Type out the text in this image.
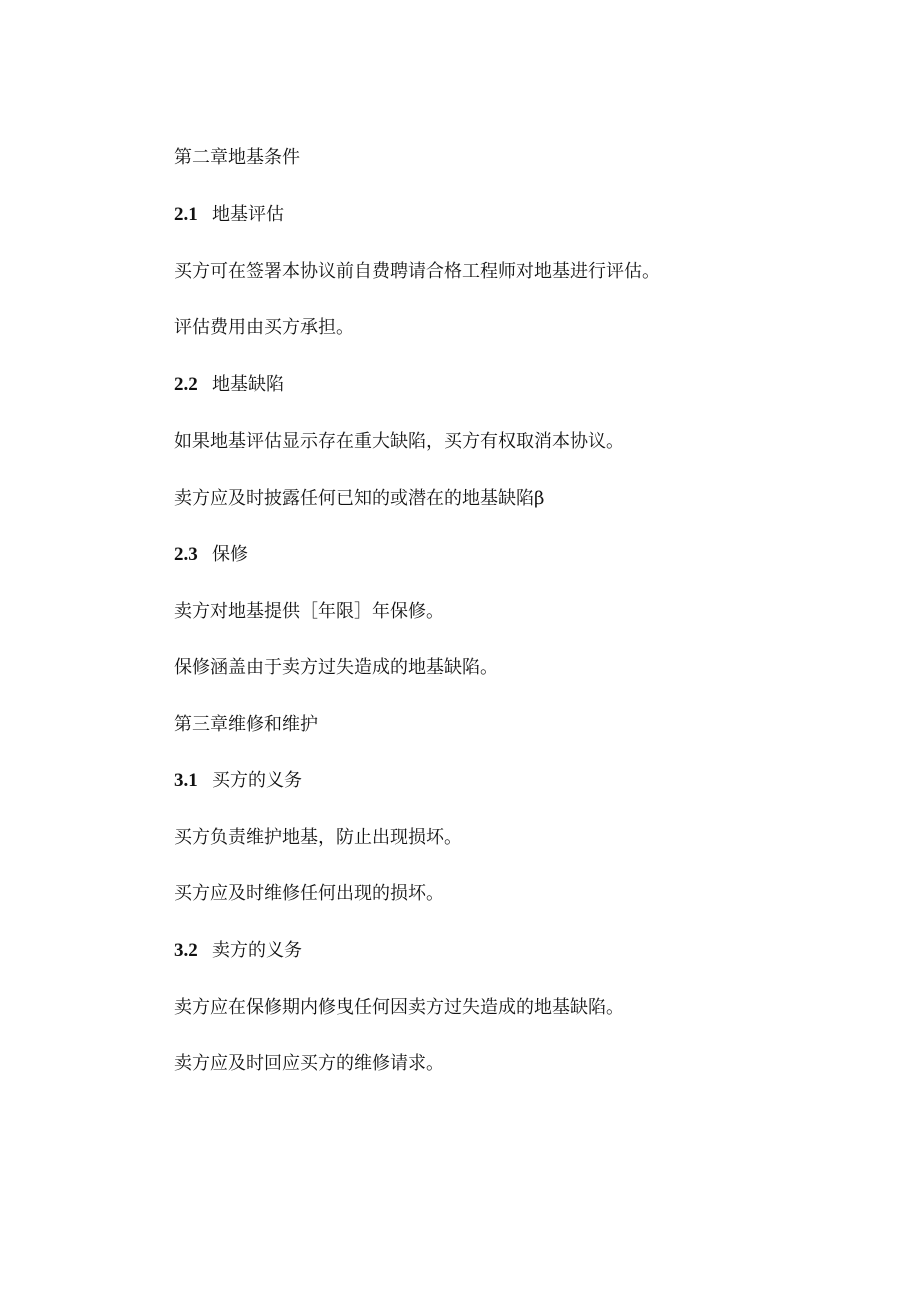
第二章地基条件
2.1 地基评估
买方可在签署本协议前自费聘请合格工程师对地基进行评估。
评估费用由买方承担。
2.2 地基缺陷
如果地基评估显示存在重大缺陷，买方有权取消本协议。
卖方应及时披露任何已知的或潜在的地基缺陷β
2.3 保修
卖方对地基提供［年限］年保修。
保修涵盖由于卖方过失造成的地基缺陷。
第三章维修和维护
3.1 买方的义务
买方负责维护地基，防止出现损坏。
买方应及时维修任何出现的损坏。
3.2 卖方的义务
卖方应在保修期内修曳任何因卖方过失造成的地基缺陷。
卖方应及时回应买方的维修请求。
